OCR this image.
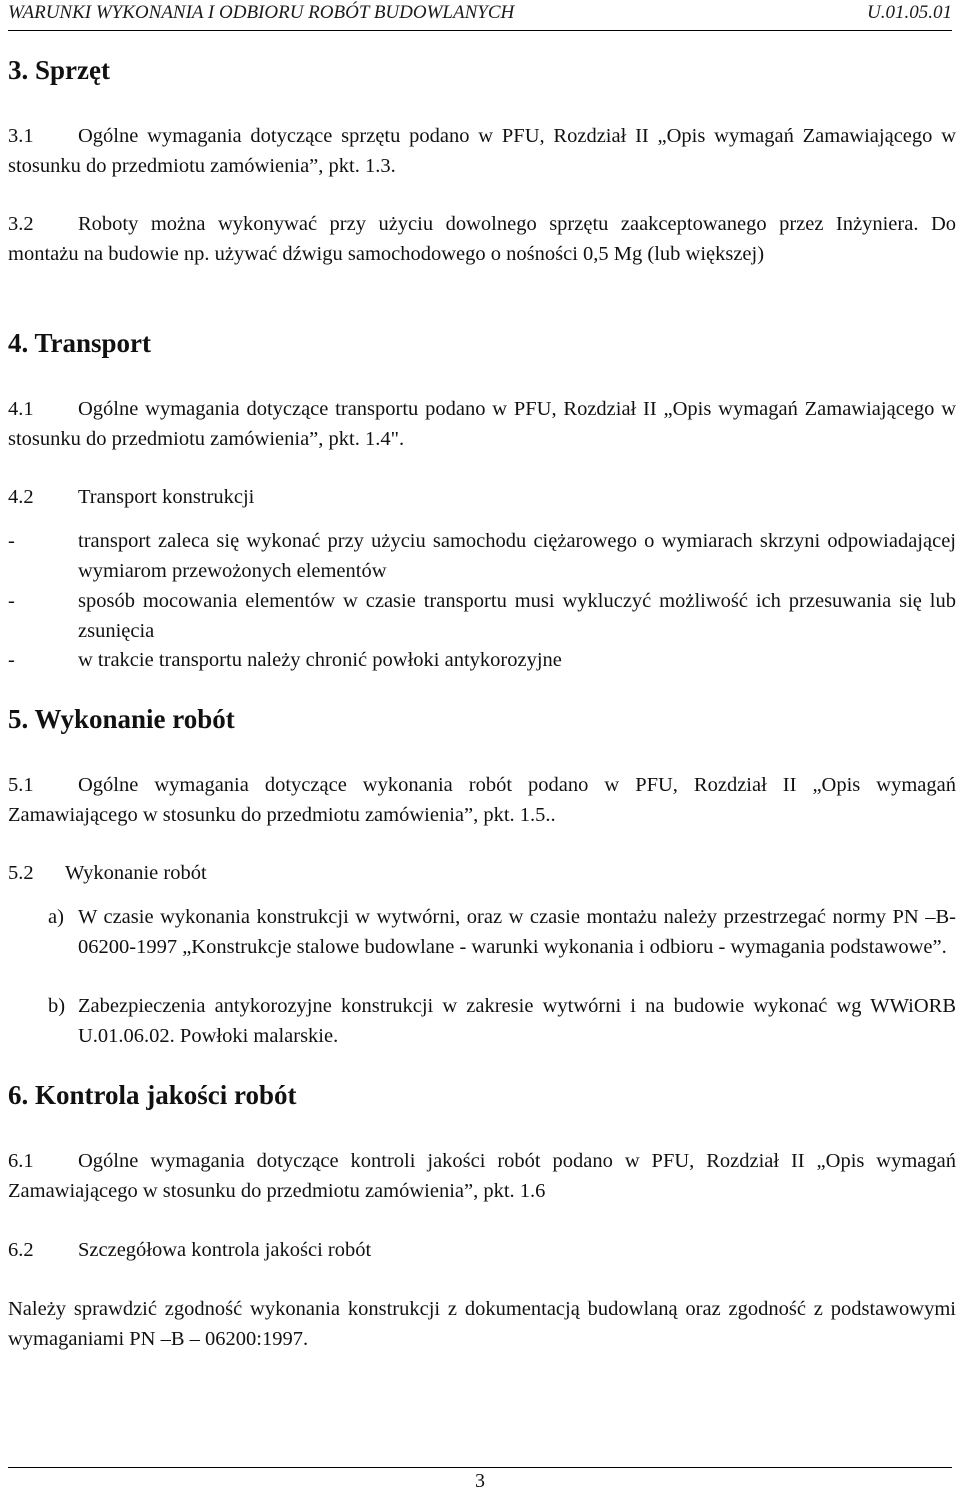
WARUNKI WYKONANIA I ODBIORU ROBÓT BUDOWLANYCH	U.01.05.01
3. Sprzęt
3.1 Ogólne wymagania dotyczące sprzętu podano w PFU, Rozdział II „Opis wymagań Zamawiającego w stosunku do przedmiotu zamówienia”, pkt. 1.3.
3.2 Roboty można wykonywać przy użyciu dowolnego sprzętu zaakceptowanego przez Inżyniera. Do montażu na budowie np. używać dźwigu samochodowego o nośności 0,5 Mg (lub większej)
4. Transport
4.1 Ogólne wymagania dotyczące transportu podano w PFU, Rozdział II „Opis wymagań Zamawiającego w stosunku do przedmiotu zamówienia”, pkt. 1.4".
4.2 Transport konstrukcji
-	transport zaleca się wykonać przy użyciu samochodu ciężarowego o wymiarach skrzyni odpowiadającej wymiarom przewożonych elementów
-	sposób mocowania elementów w czasie transportu musi wykluczyć możliwość ich przesuwania się lub zsunięcia
-	w trakcie transportu należy chronić powłoki antykorozyjne
5. Wykonanie robót
5.1 Ogólne wymagania dotyczące wykonania robót podano w PFU, Rozdział II „Opis wymagań Zamawiającego w stosunku do przedmiotu zamówienia”, pkt. 1.5..
5.2 Wykonanie robót
a) W czasie wykonania konstrukcji w wytwórni, oraz w czasie montażu należy przestrzegać normy PN –B-06200-1997 „Konstrukcje stalowe budowlane - warunki wykonania i odbioru - wymagania podstawowe”.
b) Zabezpieczenia antykorozyjne konstrukcji w zakresie wytwórni i na budowie wykonać wg WWiORB U.01.06.02. Powłoki malarskie.
6. Kontrola jakości robót
6.1 Ogólne wymagania dotyczące kontroli jakości robót podano w PFU, Rozdział II „Opis wymagań Zamawiającego w stosunku do przedmiotu zamówienia”, pkt. 1.6
6.2 Szczegółowa kontrola jakości robót
Należy sprawdzić zgodność wykonania konstrukcji z dokumentacją budowlaną oraz zgodność z podstawowymi wymaganiami PN –B – 06200:1997.
3
